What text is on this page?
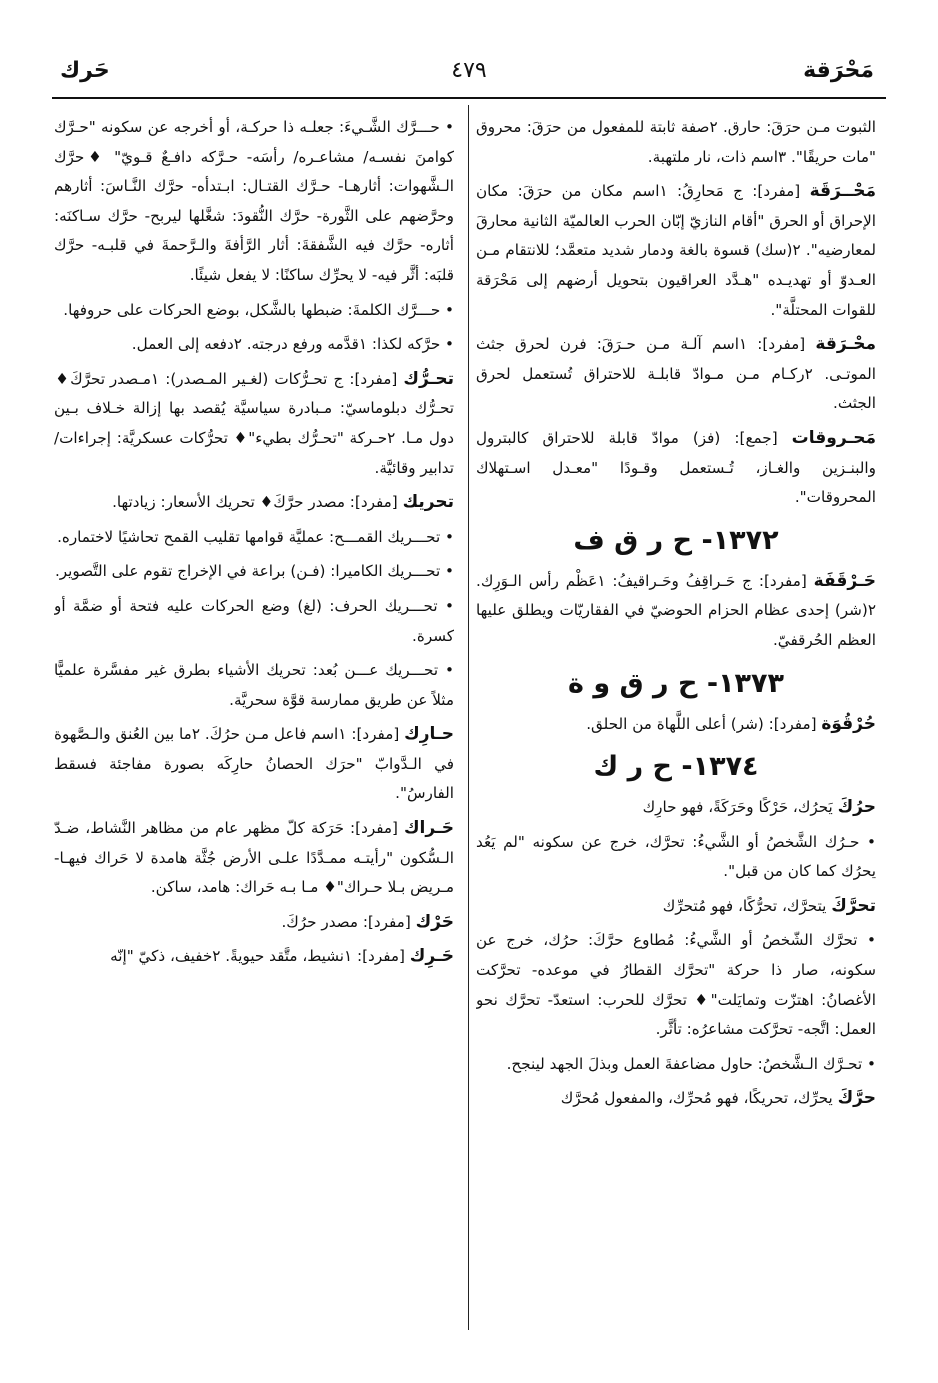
مَحْرَقة
٤٧٩
حَرك

الثبوت مـن حرَقَ: حارق. ٢صفة ثابتة للمفعول من حرَقَ: محروق "مات حريقًا". ٣اسم ذات، نار ملتهبة.

مَحْــرَقَة [مفرد]: ج مَحارِقُ: ١اسم مكان من حرَقَ: مكان الإحراق أو الحرق "أقام النازيّ إبّان الحرب العالميّة الثانية محارقَ لمعارضيه". ٢(سك) قسوة بالغة ودمار شديد متعمَّد؛ للانتقام مـن العـدوّ أو تهديـده "هـدَّد العراقيون بتحويل أرضهم إلى مَحْرَقة للقوات المحتلَّة".

محْـرَقة [مفرد]: ١اسم آلـة مـن حـرَقَ: فرن لحرق جثث الموتـى. ٢ركـام مـن مـوادّ قابلـة للاحتراق تُستعمل لحرق الجثث.

مَحـروقات [جمع]: (فز) موادّ قابلة للاحتراق كالبترول والبنـزين والغـاز، تُـستعمل وقـودًا "معـدل اسـتهلاك المحروقات".

١٣٧٢- ح ر ق ف

حَـرْقَفَة [مفرد]: ج حَـراقِفُ وحَـراقيفُ: ١عَظْم رأس الـوَرِك. ٢(شر) إحدى عظام الحزام الحوضيّ في الفقاريّات ويطلق عليها العظم الحُرقفيّ.

١٣٧٣- ح ر ق و ة

حُرْقُوَة [مفرد]: (شر) أعلى اللَّهاة من الحلق.

١٣٧٤- ح ر ك

حرُكَ يَحرُك، حَرْكًا وحَرَكَةً، فهو حارِك

• حـرُك الشَّخصُ أو الشَّيءُ: تحرَّك، خرج عن سكونه "لم يَعُد يحرُك كما كان من قبل".

تحرَّكَ يتحرَّك، تحرُّكًا، فهو مُتحرِّك

• تحرَّك الشّخصُ أو الشَّيءُ: مُطاوع حرَّكَ: حرُك، خرج عن سكونه، صار ذا حركة "تحرَّك القطارُ في موعده- تحرَّكت الأغصانُ: اهتزّت وتمايَلت"♦ تحرَّك للحرب: استعدّ- تحرَّك نحو العمل: اتَّجه- تحرَّكت مشاعرُه: تأثَّر.

• تحـرَّك الـشَّخصُ: حاول مضاعفةَ العمل وبذلَ الجهد لينجح.

حرَّكَ يحرِّك، تحريكًا، فهو مُحرِّك، والمفعول مُحرَّك

• حـــرَّك الشَّـيءَ: جعلـه ذا حركـة، أو أخرجه عن سكونه "حـرَّك كوامنَ نفسـه/ مشاعـره/ رأسَه- حـرَّكه دافـعٌ قـويّ" ♦حرَّك الـشَّهوات: أثارهـا- حـرَّك القتـال: ابـتدأه- حرَّك النَّـاسَ: أثارهم وحرَّضهم على الثَّورة- حرَّك النُّقودَ: شغَّلها ليربح- حرَّك سـاكنَه: أثاره- حرَّك فيه الشَّفقةَ: أثار الرَّأفةَ والـرَّحمةَ في قلبـه- حرَّك قلبَه: أثَّر فيه- لا يحرِّك ساكنًا: لا يفعل شيئًا.

• حـــرَّك الكلمةَ: ضبطها بالشَّكل، بوضع الحركات على حروفها.

• حرَّكه لكذا: ١قدَّمه ورفع درجته. ٢دفعه إلى العمل.

تحـرُّك [مفرد]: ج تحـرُّكات (لغـير المـصدر): ١مـصدر تحرَّكَ♦ تحـرُّك دبلوماسيّ: مـبادرة سياسيَّة يُقصد بها إزالة خـلاف بـين دول مـا. ٢حـركة "تحـرُّك بطيء"♦ تحرُّكات عسكريَّة: إجراءات/ تدابير وقائيَّة.

تحريك [مفرد]: مصدر حرَّكَ♦ تحريك الأسعار: زيادتها.

• تحـــريك القمـــح: عمليَّة قوامها تقليب القمح تحاشيًا لاختماره.

• تحـــريك الكاميرا: (فـن) براعة في الإخراج تقوم على التَّصوير.

• تحـــريك الحرف: (لغ) وضع الحركات عليه فتحة أو ضمَّة أو كسرة.

• تحـــريك عـــن بُعد: تحريك الأشياء بطرق غير مفسَّرة علميًّا مثلاً عن طريق ممارسة قوَّة سحريَّة.

حـارِك [مفرد]: ١اسم فاعل مـن حرُكَ. ٢ما بين العُنق والـصَّهوة في الـدَّوابّ "حرَك الحصانُ حارِكَه بصورة مفاجئة فسقط الفارسُ".

حَـراك [مفرد]: حَرَكة كلّ مظهر عام من مظاهر النَّشاط، ضـدّ الـسُّكون "رأيتـه ممـدَّدًا علـى الأرض جُثَّة هامدة لا حَراك فيهـا- مـريض بـلا حـراك"♦ مـا بـه حَراك: هامد، ساكن.

حَرْك [مفرد]: مصدر حرُكَ.

حَـرِك [مفرد]: ١نشيط، متَّقد حيويةً. ٢خفيف، ذكيّ "إنّه
